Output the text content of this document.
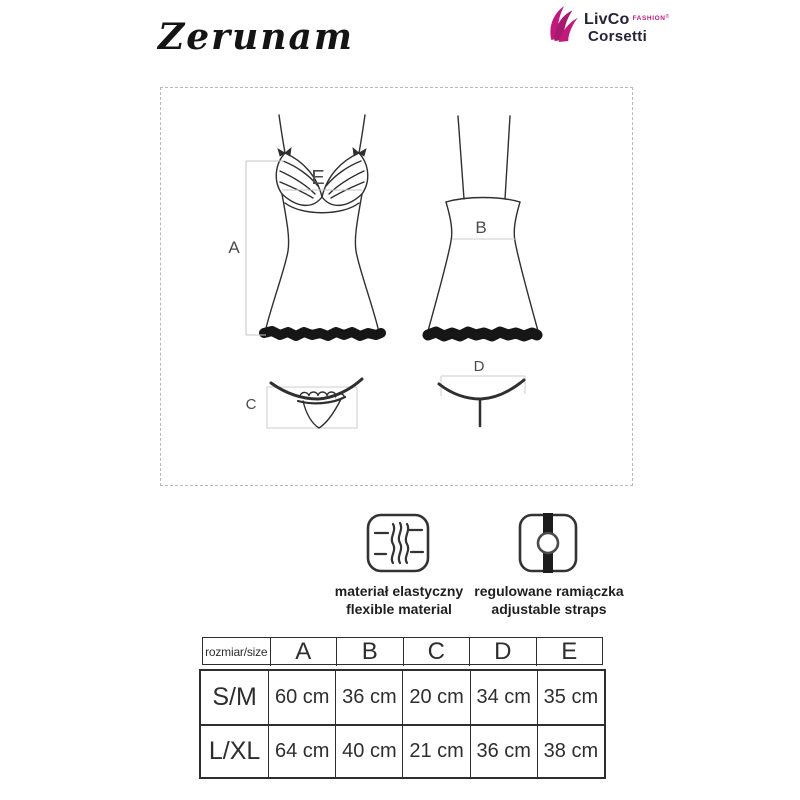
Zerunam	LivCo FASHION ®
Corsetti
A
E
B
C
D
materiał elastyczny
flexible material
regulowane ramiączka
adjustable straps
rozmiar/size	A	B	C	D	E
S/M 60 cm 36 cm 20 cm 34 cm 35 cm
L/XL 64 cm 40 cm 21 cm 36 cm 38 cm
